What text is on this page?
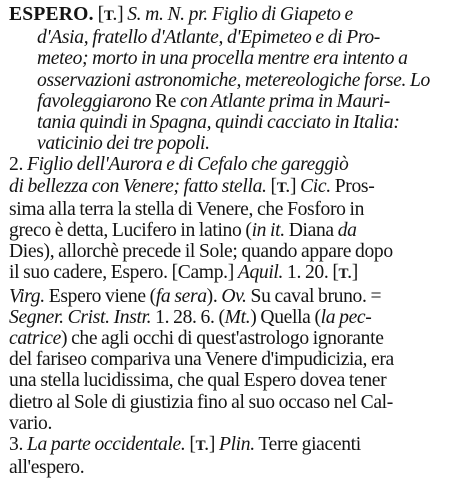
ESPERO. [T.] S. m. N. pr. Figlio di Giapeto e
d'Asia, fratello d'Atlante, d'Epimeteo e di Pro-
meteo; morto in una procella mentre era intento a
osservazioni astronomiche, metereologiche forse. Lo
favoleggiarono Re con Atlante prima in Mauri-
tania quindi in Spagna, quindi cacciato in Italia:
vaticinio dei tre popoli.
2. Figlio dell'Aurora e di Cefalo che gareggiò
di bellezza con Venere; fatto stella. [T.] Cic. Pros-
sima alla terra la stella di Venere, che Fosforo in
greco è detta, Lucifero in latino (in it. Diana da
Dies), allorchè precede il Sole; quando appare dopo
il suo cadere, Espero. [Camp.] Aquil. 1. 20. [T.]
Virg. Espero viene (fa sera). Ov. Su caval bruno. =
Segner. Crist. Instr. 1. 28. 6. (Mt.) Quella (la pec-
catrice) che agli occhi di quest'astrologo ignorante
del fariseo compariva una Venere d'impudicizia, era
una stella lucidissima, che qual Espero dovea tener
dietro al Sole di giustizia fino al suo occaso nel Cal-
vario.
3. La parte occidentale. [T.] Plin. Terre giacenti
all'espero.
